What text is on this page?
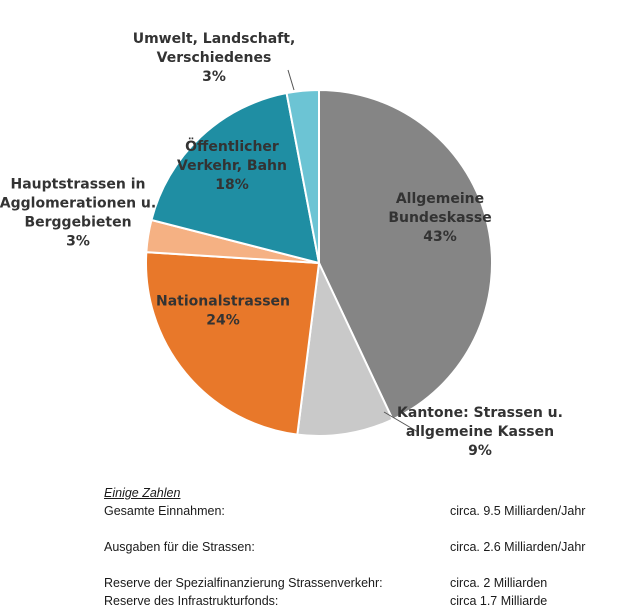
Allgemeine Bundeskasse 43%
Kantone: Strassen u. allgemeine Kassen 9%
Nationalstrassen 24%
Hauptstrassen in Agglomerationen u. Berggebieten 3%
Öffentlicher Verkehr, Bahn 18%
Umwelt, Landschaft, Verschiedenes 3%
Einige Zahlen
Gesamte Einnahmen:	circa. 9.5 Milliarden/Jahr
Ausgaben für die Strassen:	circa. 2.6 Milliarden/Jahr
Reserve der Spezialfinanzierung Strassenverkehr:	circa. 2 Milliarden
Reserve des Infrastrukturfonds:	circa 1.7 Milliarde
